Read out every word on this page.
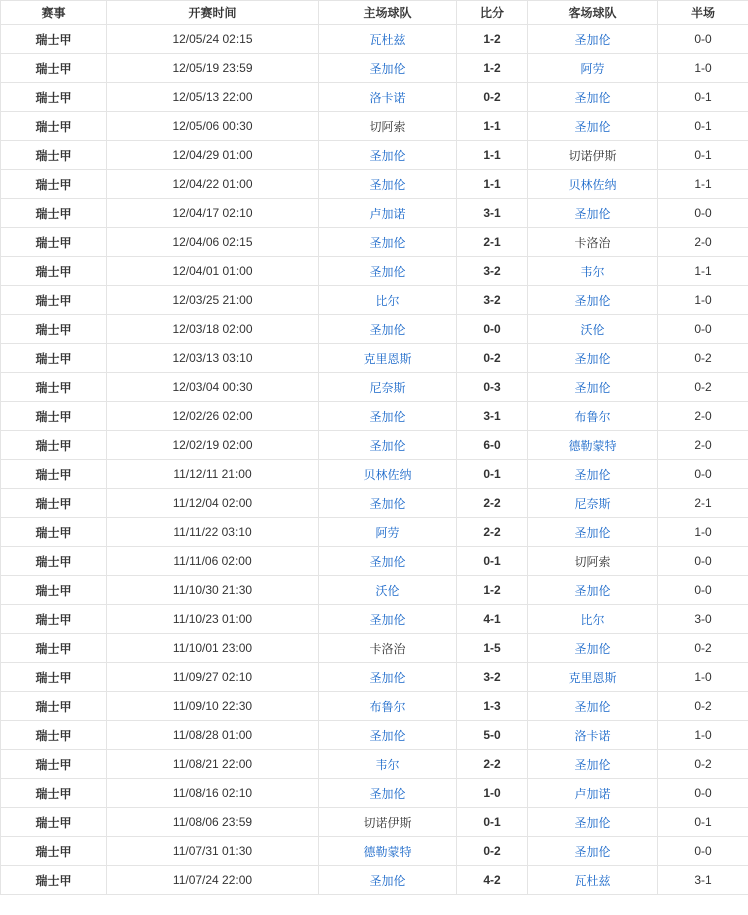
赛事	开赛时间	主场球队	比分	客场球队	半场
瑞士甲	12/05/24 02:15	瓦杜兹	1-2	圣加伦	0-0
瑞士甲	12/05/19 23:59	圣加伦	1-2	阿劳	1-0
瑞士甲	12/05/13 22:00	洛卡诺	0-2	圣加伦	0-1
瑞士甲	12/05/06 00:30	切阿索	1-1	圣加伦	0-1
瑞士甲	12/04/29 01:00	圣加伦	1-1	切诺伊斯	0-1
瑞士甲	12/04/22 01:00	圣加伦	1-1	贝林佐纳	1-1
瑞士甲	12/04/17 02:10	卢加诺	3-1	圣加伦	0-0
瑞士甲	12/04/06 02:15	圣加伦	2-1	卡洛治	2-0
瑞士甲	12/04/01 01:00	圣加伦	3-2	韦尔	1-1
瑞士甲	12/03/25 21:00	比尔	3-2	圣加伦	1-0
瑞士甲	12/03/18 02:00	圣加伦	0-0	沃伦	0-0
瑞士甲	12/03/13 03:10	克里恩斯	0-2	圣加伦	0-2
瑞士甲	12/03/04 00:30	尼奈斯	0-3	圣加伦	0-2
瑞士甲	12/02/26 02:00	圣加伦	3-1	布鲁尔	2-0
瑞士甲	12/02/19 02:00	圣加伦	6-0	德勒蒙特	2-0
瑞士甲	11/12/11 21:00	贝林佐纳	0-1	圣加伦	0-0
瑞士甲	11/12/04 02:00	圣加伦	2-2	尼奈斯	2-1
瑞士甲	11/11/22 03:10	阿劳	2-2	圣加伦	1-0
瑞士甲	11/11/06 02:00	圣加伦	0-1	切阿索	0-0
瑞士甲	11/10/30 21:30	沃伦	1-2	圣加伦	0-0
瑞士甲	11/10/23 01:00	圣加伦	4-1	比尔	3-0
瑞士甲	11/10/01 23:00	卡洛治	1-5	圣加伦	0-2
瑞士甲	11/09/27 02:10	圣加伦	3-2	克里恩斯	1-0
瑞士甲	11/09/10 22:30	布鲁尔	1-3	圣加伦	0-2
瑞士甲	11/08/28 01:00	圣加伦	5-0	洛卡诺	1-0
瑞士甲	11/08/21 22:00	韦尔	2-2	圣加伦	0-2
瑞士甲	11/08/16 02:10	圣加伦	1-0	卢加诺	0-0
瑞士甲	11/08/06 23:59	切诺伊斯	0-1	圣加伦	0-1
瑞士甲	11/07/31 01:30	德勒蒙特	0-2	圣加伦	0-0
瑞士甲	11/07/24 22:00	圣加伦	4-2	瓦杜兹	3-1
